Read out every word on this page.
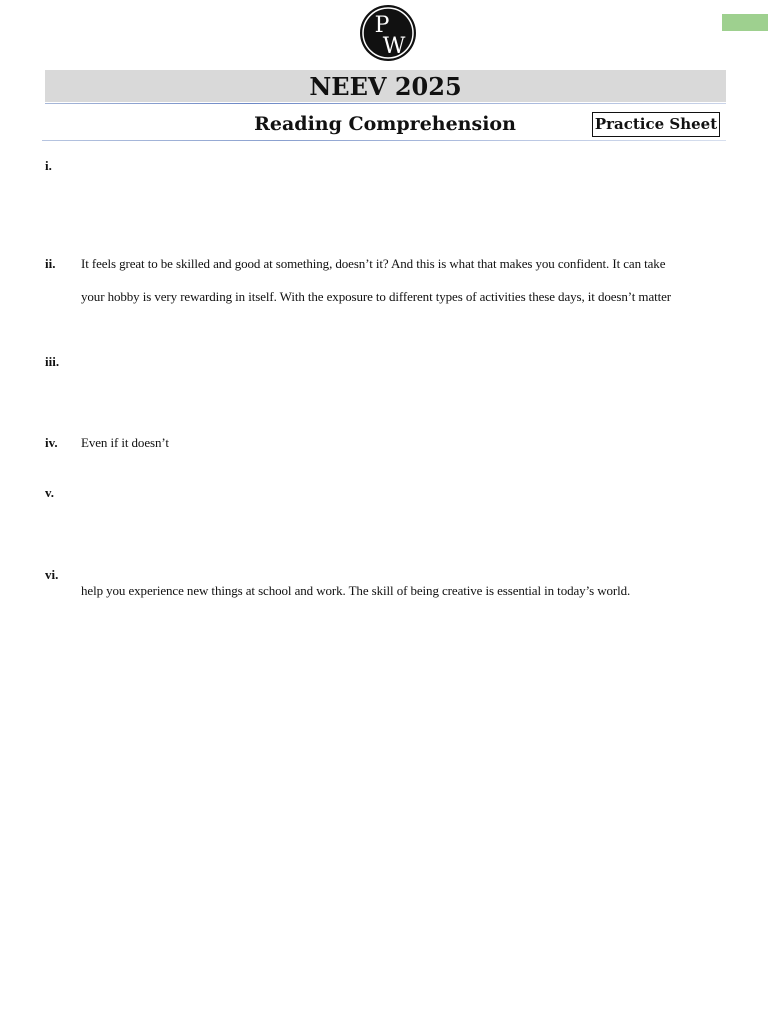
P
W
NEEV 2025
Reading Comprehension	Practice Sheet
i.
ii. It feels great to be skilled and good at something, doesn’t it? And this is what that makes you confident. It can take
your hobby is very rewarding in itself. With the exposure to different types of activities these days, it doesn’t matter
iii.
iv. Even if it doesn’t
v.
vi.
help you experience new things at school and work. The skill of being creative is essential in today’s world.
